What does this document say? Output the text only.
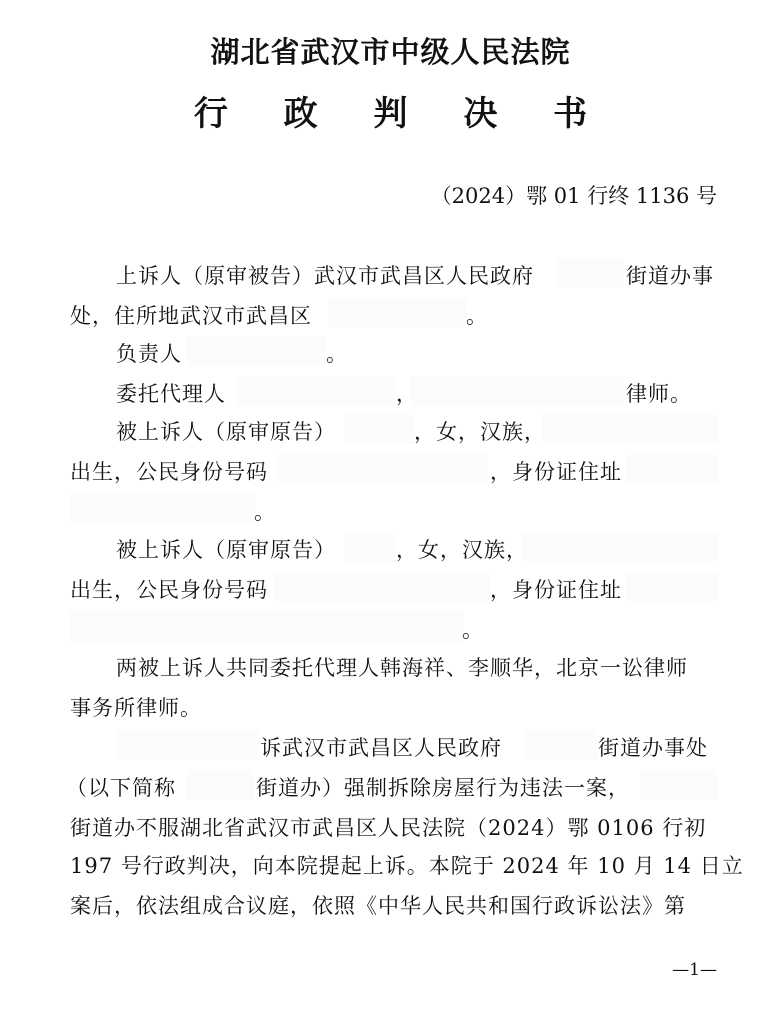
湖北省武汉市中级人民法院
行 政 判 决 书
（2024）鄂 01 行终 1136 号
上诉人（原审被告）武汉市武昌区人民政府	街道办事
处，住所地武汉市武昌区	。
负责人	。
委托代理人	，	律师。
被上诉人（原审原告）	，女，汉族，
出生，公民身份号码	，身份证住址
。
被上诉人（原审原告）	，女，汉族，
出生，公民身份号码	，身份证住址
。
两被上诉人共同委托代理人韩海祥、李顺华，北京一讼律师
事务所律师。
诉武汉市武昌区人民政府	街道办事处
（以下简称	街道办）强制拆除房屋行为违法一案，
街道办不服湖北省武汉市武昌区人民法院（2024）鄂 0106 行初
197 号行政判决，向本院提起上诉。本院于 2024 年 10 月 14 日立
案后，依法组成合议庭，依照《中华人民共和国行政诉讼法》第
—1—
